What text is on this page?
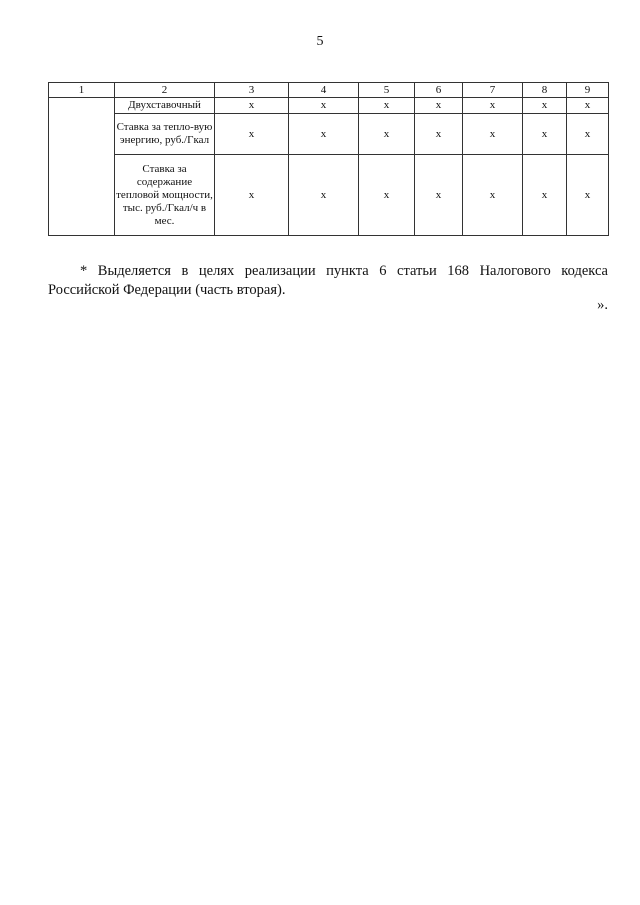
5
1	2	3	4	5	6	7	8	9
	Двухставочный	х	х	х	х	х	х	х
	Ставка за тепло-вую энергию, руб./Гкал	х	х	х	х	х	х	х
	Ставка за содержание тепловой мощности, тыс. руб./Гкал/ч в мес.	х	х	х	х	х	х	х
* Выделяется в целях реализации пункта 6 статьи 168 Налогового кодекса Российской Федерации (часть вторая).
».
